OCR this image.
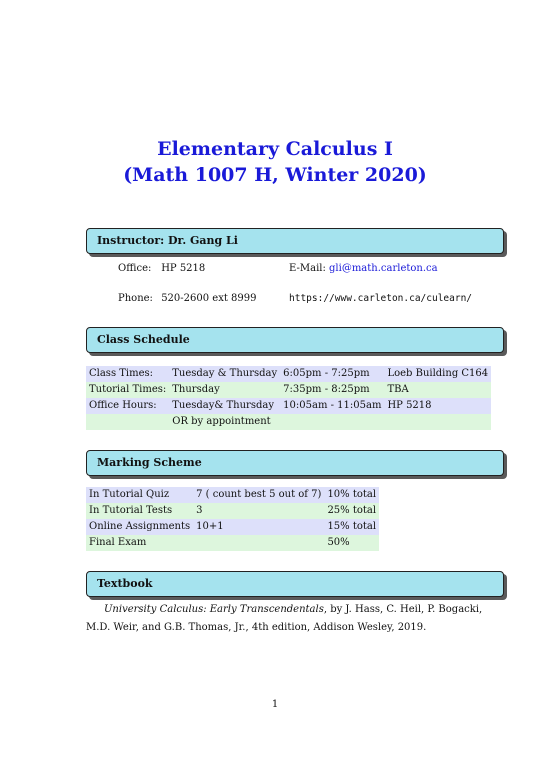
Elementary Calculus I
(Math 1007 H, Winter 2020)
Instructor: Dr. Gang Li
Office: HP 5218	E-Mail: gli@math.carleton.ca
Phone: 520-2600 ext 8999	https://www.carleton.ca/culearn/
Class Schedule
Class Times:	Tuesday & Thursday	6:05pm - 7:25pm	Loeb Building C164
Tutorial Times:	Thursday	7:35pm - 8:25pm	TBA
Office Hours:	Tuesday& Thursday	10:05am - 11:05am	HP 5218
	OR by appointment		
Marking Scheme
In Tutorial Quiz	7 ( count best 5 out of 7)	10% total
In Tutorial Tests	3	25% total
Online Assignments	10+1	15% total
Final Exam		50%
Textbook

University Calculus: Early Transcendentals, by J. Hass, C. Heil, P. Bogacki, M.D. Weir, and G.B. Thomas, Jr., 4th edition, Addison Wesley, 2019.

1
